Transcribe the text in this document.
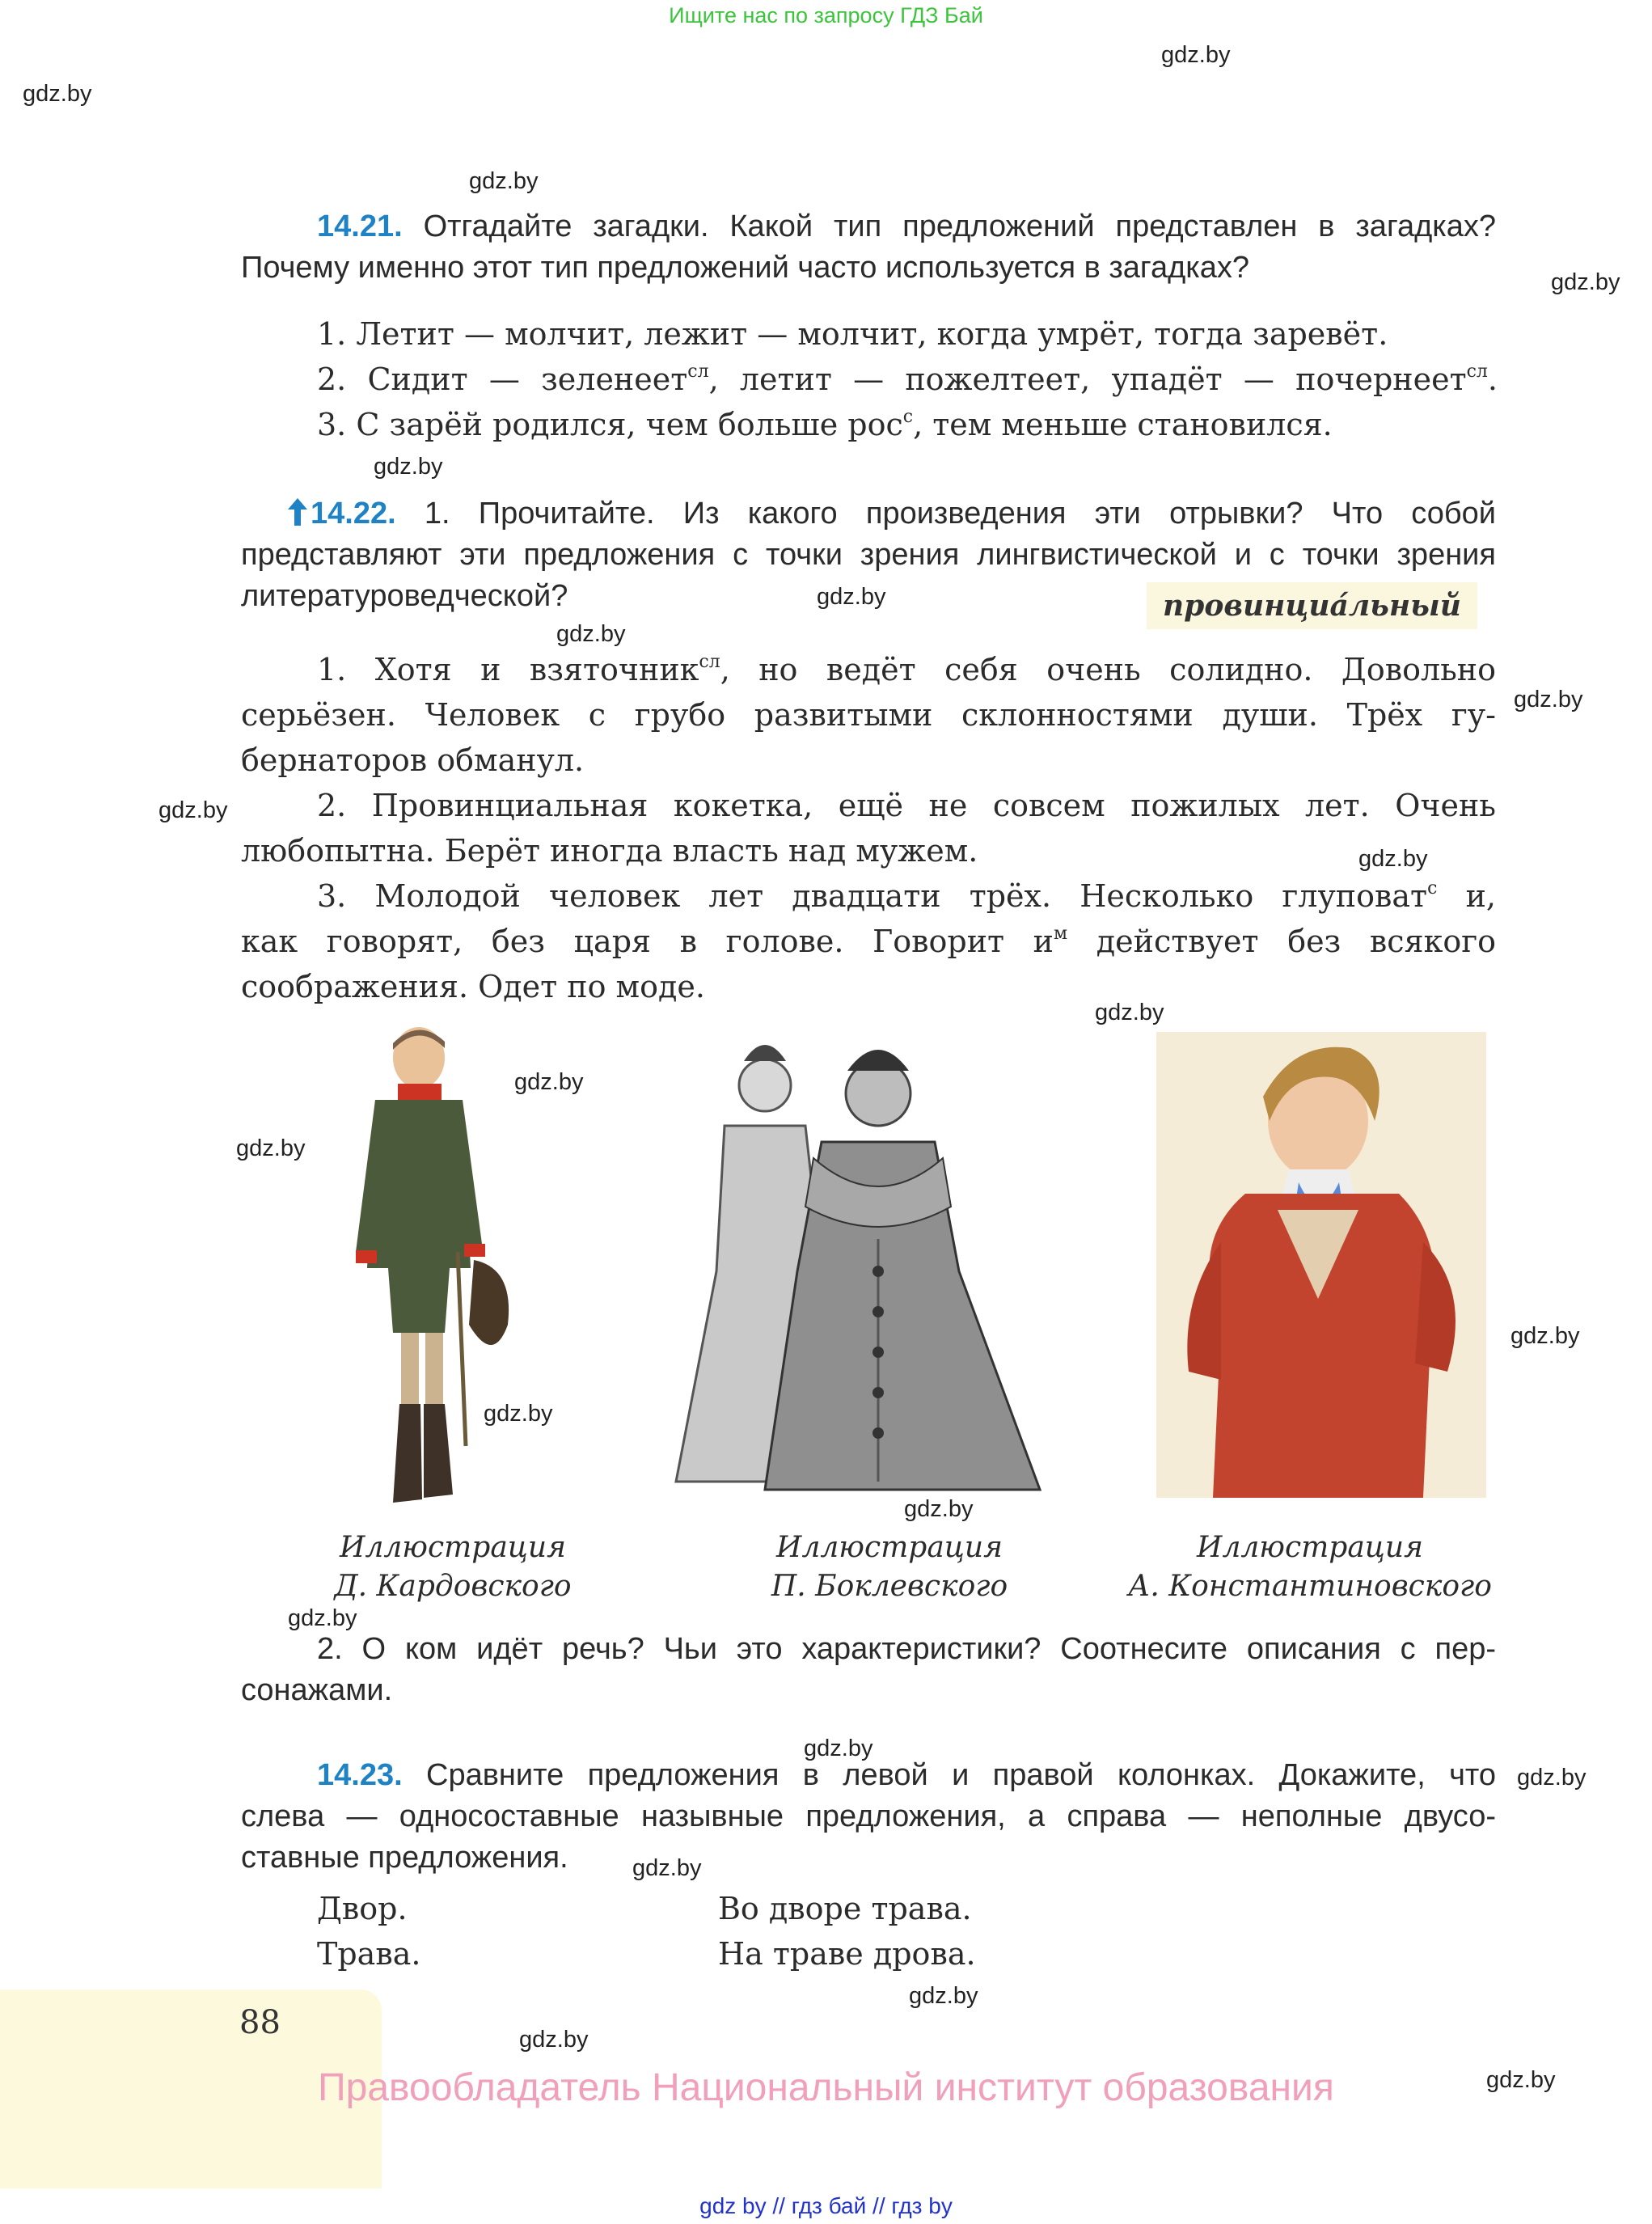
Ищите нас по запросу ГДЗ Бай
gdz.by
gdz.by
gdz.by
gdz.by
gdz.by
gdz.by
gdz.by
gdz.by
gdz.by
gdz.by
gdz.by
gdz.by
gdz.by
gdz.by
gdz.by
gdz.by
gdz.by
gdz.by
gdz.by
gdz.by
gdz.by
gdz.by
gdz.by
14.21. Отгадайте загадки. Какой тип предложений представлен в загадках?
Почему именно этот тип предложений часто используется в загадках?
1. Летит — молчит, лежит — молчит, когда умрёт, тогда заревёт.
2. Сидит — зеленеет$^{сл}$, летит — пожелтеет, упадёт — почернеет$^{сл}$.
3. С зарёй родился, чем больше рос$^с$, тем меньше становился.
14.22. 1. Прочитайте. Из какого произведения эти отрывки? Что собой
представляют эти предложения с точки зрения лингвистической и с точки зрения
литературоведческой?	провинциа́льный
1. Хотя и взяточник$^{сл}$, но ведёт себя очень солидно. Довольно
серьёзен. Человек с грубо развитыми склонностями души. Трёх гу-
бернаторов обманул.
2. Провинциальная кокетка, ещё не совсем пожилых лет. Очень
любопытна. Берёт иногда власть над мужем.
3. Молодой человек лет двадцати трёх. Несколько глуповат$^с$ и,
как говорят, без царя в голове. Говорит $и^м$ действует без всякого
соображения. Одет по моде.
Иллюстрация
Д. Кардовского
Иллюстрация
П. Боклевского
Иллюстрация
А. Константиновского
2. О ком идёт речь? Чьи это характеристики? Соотнесите описания с пер-
сонажами.
14.23. Сравните предложения в левой и правой колонках. Докажите, что
слева — односоставные назывные предложения, а справа — неполные двусо-
ставные предложения.
Двор.
Трава.
Во дворе трава.
На траве дрова.
88
Правообладатель Национальный институт образования
gdz by // гдз бай // гдз by
